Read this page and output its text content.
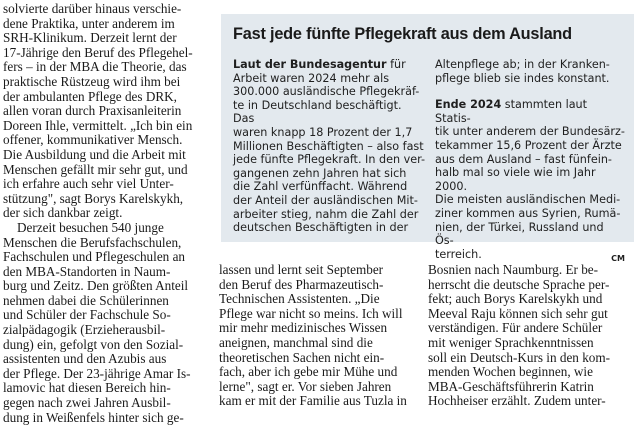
solvierte darüber hinaus verschie-
dene Praktika, unter anderem im
SRH-Klinikum. Derzeit lernt der
17-Jährige den Beruf des Pflegehel-
fers – in der MBA die Theorie, das
praktische Rüstzeug wird ihm bei
der ambulanten Pflege des DRK,
allen voran durch Praxisanleiterin
Doreen Ihle, vermittelt. „Ich bin ein
offener, kommunikativer Mensch.
Die Ausbildung und die Arbeit mit
Menschen gefällt mir sehr gut, und
ich erfahre auch sehr viel Unter-
stützung", sagt Borys Karelskykh,
der sich dankbar zeigt.

Derzeit besuchen 540 junge
Menschen die Berufsfachschulen,
Fachschulen und Pflegeschulen an
den MBA-Standorten in Naum-
burg und Zeitz. Den größten Anteil
nehmen dabei die Schülerinnen
und Schüler der Fachschule So-
zialpädagogik (Erzieherausbil-
dung) ein, gefolgt von den Sozial-
assistenten und den Azubis aus
der Pflege. Der 23-jährige Amar Is-
lamovic hat diesen Bereich hin-
gegen nach zwei Jahren Ausbil-
dung in Weißenfels hinter sich ge-

Fast jede fünfte Pflegekraft aus dem Ausland

Laut der Bundesagentur für
Arbeit waren 2024 mehr als
300.000 ausländische Pflegekräf-
te in Deutschland beschäftigt. Das
waren knapp 18 Prozent der 1,7
Millionen Beschäftigten – also fast
jede fünfte Pflegekraft. In den ver-
gangenen zehn Jahren hat sich
die Zahl verfünffacht. Während
der Anteil der ausländischen Mit-
arbeiter stieg, nahm die Zahl der
deutschen Beschäftigten in der

Altenpflege ab; in der Kranken-
pflege blieb sie indes konstant.

Ende 2024 stammten laut Statis-
tik unter anderem der Bundesärz-
tekammer 15,6 Prozent der Ärzte
aus dem Ausland – fast fünfein-
halb mal so viele wie im Jahr 2000.
Die meisten ausländischen Medi-
ziner kommen aus Syrien, Rumä-
nien, der Türkei, Russland und Ös-
terreich.	CM

lassen und lernt seit September
den Beruf des Pharmazeutisch-
Technischen Assistenten. „Die
Pflege war nicht so meins. Ich will
mir mehr medizinisches Wissen
aneignen, manchmal sind die
theoretischen Sachen nicht ein-
fach, aber ich gebe mir Mühe und
lerne", sagt er. Vor sieben Jahren
kam er mit der Familie aus Tuzla in

Bosnien nach Naumburg. Er be-
herrscht die deutsche Sprache per-
fekt; auch Borys Karelskykh und
Meeval Raju können sich sehr gut
verständigen. Für andere Schüler
mit weniger Sprachkenntnissen
soll ein Deutsch-Kurs in den kom-
menden Wochen beginnen, wie
MBA-Geschäftsführerin Katrin
Hochheiser erzählt. Zudem unter-
